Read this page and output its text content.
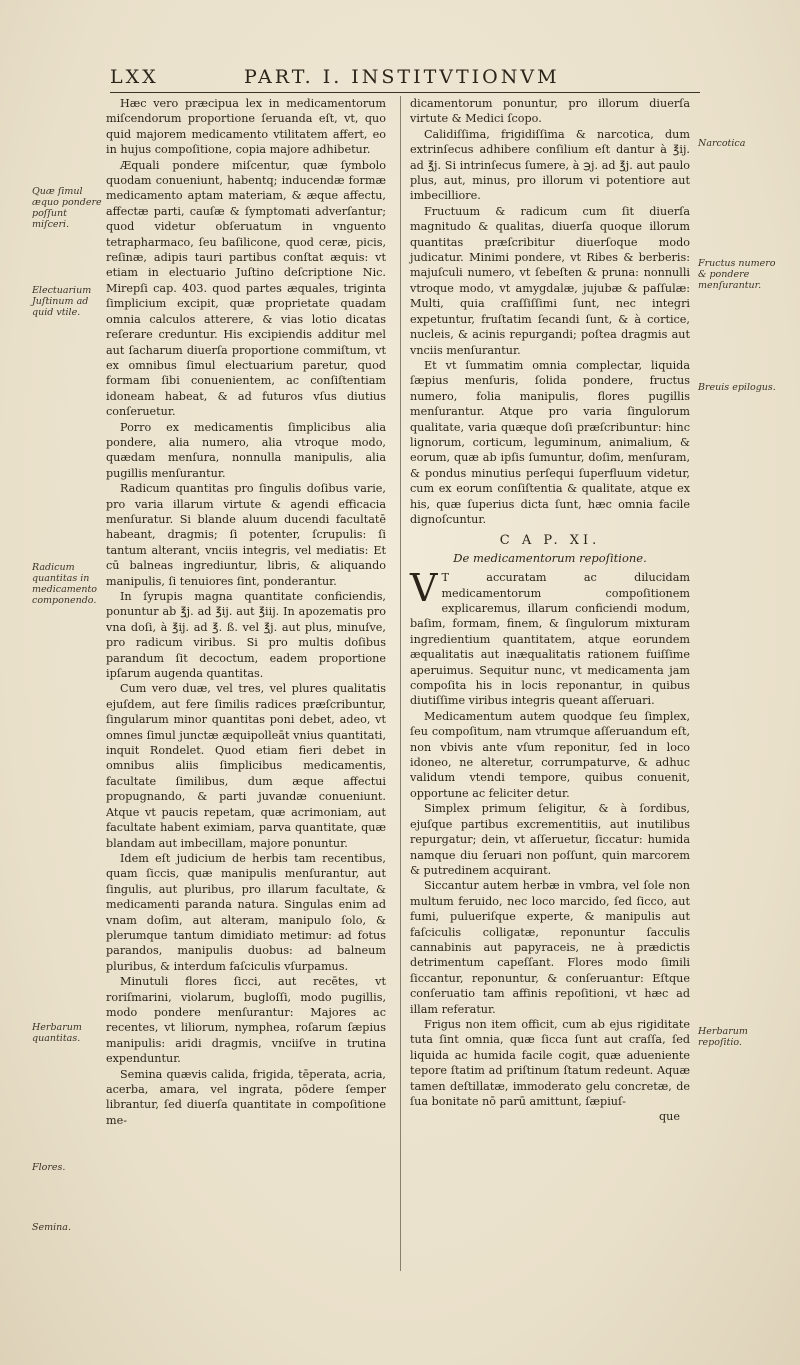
LXX	PART. I. INSTITVTIONVM
Quæ ſimul æquo pondere poſſunt miſceri.
Electuarium Juſtinum ad quid vtile.
Radicum quantitas in medicamento componendo.
Herbarum quantitas.
Flores.
Semina.
Narcotica
Fructus numero & pondere menſurantur.
Breuis epilogus.
Herbarum repoſitio.

Hæc vero præcipua lex in medicamentorum miſcendorum proportione ſeruanda eſt, vt, quo quid majorem medicamento vtilitatem affert, eo in hujus compoſitione, copia majore adhibetur.

Æquali pondere miſcentur, quæ ſymbolo quodam conueniunt, habentq; inducendæ formæ medicamento aptam materiam, & æque affectu, affectæ parti, cauſæ & ſymptomati adverſantur; quod videtur obſeruatum in vnguento tetrapharmaco, ſeu baſilicone, quod ceræ, picis, reſinæ, adipis tauri partibus conſtat æquis: vt etiam in electuario Juſtino deſcriptione Nic. Mirepſi cap. 403. quod partes æquales, triginta ſimplicium excipit, quæ proprietate quadam omnia calculos atterere, & vias lotio dicatas reſerare creduntur. His excipiendis additur mel aut ſacharum diuerſa proportione commiſtum, vt ex omnibus ſimul electuarium paretur, quod formam ſibi conuenientem, ac conſiſtentiam idoneam habeat, & ad futuros vſus diutius conſeruetur.

Porro ex medicamentis ſimplicibus alia pondere, alia numero, alia vtroque modo, quædam menſura, nonnulla manipulis, alia pugillis menſurantur.

Radicum quantitas pro ſingulis doſibus varie, pro varia illarum virtute & agendi efficacia menſuratur. Si blande aluum ducendi facultatē habeant, dragmis; ſi potenter, ſcrupulis: ſi tantum alterant, vnciis integris, vel mediatis: Et cū balneas ingrediuntur, libris, & aliquando manipulis, ſi tenuiores ſint, ponderantur.

In ſyrupis magna quantitate conficiendis, ponuntur ab ℥j. ad ℥ij. aut ℥iij. In apozematis pro vna doſi, à ℥ij. ad ℥. ß. vel ℥j. aut plus, minuſve, pro radicum viribus. Si pro multis doſibus parandum ſit decoctum, eadem proportione ipſarum augenda quantitas.

Cum vero duæ, vel tres, vel plures qualitatis ejuſdem, aut fere ſimilis radices præſcribuntur, ſingularum minor quantitas poni debet, adeo, vt omnes ſimul junctæ æquipolleāt vnius quantitati, inquit Rondelet. Quod etiam fieri debet in omnibus aliis ſimplicibus medicamentis, facultate ſimilibus, dum æque affectui propugnando, & parti juvandæ conueniunt. Atque vt paucis repetam, quæ acrimoniam, aut facultate habent eximiam, parva quantitate, quæ blandam aut imbecillam, majore ponuntur.

Idem eſt judicium de herbis tam recentibus, quam ſiccis, quæ manipulis menſurantur, aut ſingulis, aut pluribus, pro illarum facultate, & medicamenti paranda natura. Singulas enim ad vnam doſim, aut alteram, manipulo ſolo, & plerumque tantum dimidiato metimur: ad fotus parandos, manipulis duobus: ad balneum pluribus, & interdum faſciculis vſurpamus.

Minutuli flores ſicci, aut recētes, vt roriſmarini, violarum, bugloſſi, modo pugillis, modo pondere menſurantur: Majores ac recentes, vt liliorum, nymphea, roſarum ſæpius manipulis: aridi dragmis, vnciiſve in trutina expenduntur.

Semina quævis calida, frigida, tēperata, acria, acerba, amara, vel ingrata, pōdere ſemper librantur, ſed diuerſa quantitate in compoſitione me-

dicamentorum ponuntur, pro illorum diuerſa virtute & Medici ſcopo.

Calidiſſima, frigidiſſima & narcotica, dum extrinſecus adhibere conſilium eſt dantur à ℥ij. ad ℥j. Si intrinſecus ſumere, à ℈j. ad ℥j. aut paulo plus, aut, minus, pro illorum vi potentiore aut imbecilliore.

Fructuum & radicum cum ſit diuerſa magnitudo & qualitas, diuerſa quoque illorum quantitas præſcribitur diuerſoque modo judicatur. Minimi pondere, vt Ribes & berberis: majuſculi numero, vt ſebeſten & pruna: nonnulli vtroque modo, vt amygdalæ, jujubæ & paſſulæ: Multi, quia craſſiſſimi ſunt, nec integri expetuntur, fruſtatim ſecandi ſunt, & à cortice, nucleis, & acinis repurgandi; poſtea dragmis aut vnciis menſurantur.

Et vt ſummatim omnia complectar, liquida ſæpius menſuris, ſolida pondere, fructus numero, folia manipulis, flores pugillis menſurantur. Atque pro varia ſingulorum qualitate, varia quæque doſi præſcribuntur: hinc lignorum, corticum, leguminum, animalium, & eorum, quæ ab ipſis ſumuntur, doſim, menſuram, & pondus minutius perſequi ſuperfluum videtur, cum ex eorum conſiſtentia & qualitate, atque ex his, quæ ſuperius dicta ſunt, hæc omnia facile dignoſcuntur.

C A P. XI.
De medicamentorum repoſitione.

V T accuratam ac dilucidam medicamentorum compoſitionem explicaremus, illarum conficiendi modum, baſim, formam, finem, & ſingulorum mixturam ingredientium quantitatem, atque eorundem æqualitatis aut inæqualitatis rationem fuiſſime aperuimus. Sequitur nunc, vt medicamenta jam compoſita his in locis reponantur, in quibus diutiſſime viribus integris queant aſſeruari.

Medicamentum autem quodque ſeu ſimplex, ſeu compoſitum, nam vtrumque aſſeruandum eſt, non vbivis ante vſum reponitur, ſed in loco idoneo, ne alteretur, corrumpaturve, & adhuc validum vtendi tempore, quibus conuenit, opportune ac feliciter detur.

Simplex primum ſeligitur, & à ſordibus, ejuſque partibus excrementitiis, aut inutilibus repurgatur; dein, vt aſſeruetur, ſiccatur: humida namque diu ſeruari non poſſunt, quin marcorem & putredinem acquirant.

Siccantur autem herbæ in vmbra, vel ſole non multum feruido, nec loco marcido, ſed ſicco, aut fumi, pulueriſque experte, & manipulis aut faſciculis colligatæ, reponuntur ſacculis cannabinis aut papyraceis, ne à prædictis detrimentum capeſſant. Flores modo ſimili ſiccantur, reponuntur, & conſeruantur: Eſtque conſeruatio tam affinis repoſitioni, vt hæc ad illam referatur.

Frigus non item officit, cum ab ejus rigiditate tuta ſint omnia, quæ ſicca ſunt aut craſſa, ſed liquida ac humida facile cogit, quæ adueniente tepore ſtatim ad priſtinum ſtatum redeunt. Aquæ tamen deſtillatæ, immoderato gelu concretæ, de ſua bonitate nō parū amittunt, ſæpiuſ-

que
